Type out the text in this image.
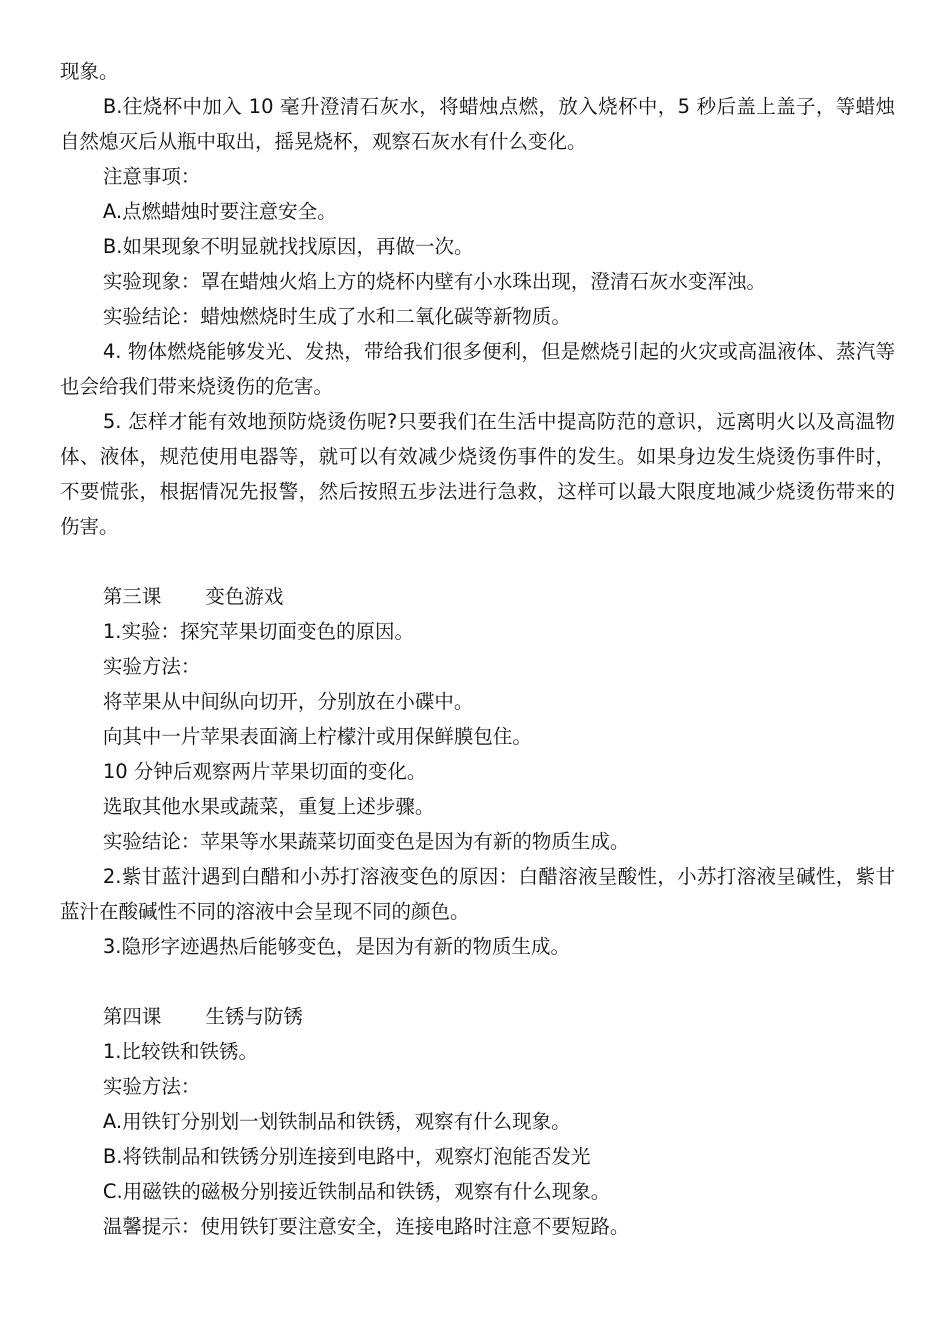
现象。

B.往烧杯中加入 10 毫升澄清石灰水，将蜡烛点燃，放入烧杯中，5 秒后盖上盖子，等蜡烛自然熄灭后从瓶中取出，摇晃烧杯，观察石灰水有什么变化。

注意事项：

A.点燃蜡烛时要注意安全。

B.如果现象不明显就找找原因，再做一次。

实验现象：罩在蜡烛火焰上方的烧杯内壁有小水珠出现，澄清石灰水变浑浊。

实验结论：蜡烛燃烧时生成了水和二氧化碳等新物质。

4. 物体燃烧能够发光、发热，带给我们很多便利，但是燃烧引起的火灾或高温液体、蒸汽等也会给我们带来烧烫伤的危害。

5. 怎样才能有效地预防烧烫伤呢?只要我们在生活中提高防范的意识，远离明火以及高温物体、液体，规范使用电器等，就可以有效减少烧烫伤事件的发生。如果身边发生烧烫伤事件时，不要慌张，根据情况先报警，然后按照五步法进行急救，这样可以最大限度地减少烧烫伤带来的伤害。

第三课 变色游戏

1.实验：探究苹果切面变色的原因。

实验方法：

将苹果从中间纵向切开，分别放在小碟中。

向其中一片苹果表面滴上柠檬汁或用保鲜膜包住。

10 分钟后观察两片苹果切面的变化。

选取其他水果或蔬菜，重复上述步骤。

实验结论：苹果等水果蔬菜切面变色是因为有新的物质生成。

2.紫甘蓝汁遇到白醋和小苏打溶液变色的原因：白醋溶液呈酸性，小苏打溶液呈碱性，紫甘蓝汁在酸碱性不同的溶液中会呈现不同的颜色。

3.隐形字迹遇热后能够变色，是因为有新的物质生成。

第四课 生锈与防锈

1.比较铁和铁锈。

实验方法：

A.用铁钉分别划一划铁制品和铁锈，观察有什么现象。

B.将铁制品和铁锈分别连接到电路中，观察灯泡能否发光

C.用磁铁的磁极分别接近铁制品和铁锈，观察有什么现象。

温馨提示：使用铁钉要注意安全，连接电路时注意不要短路。
